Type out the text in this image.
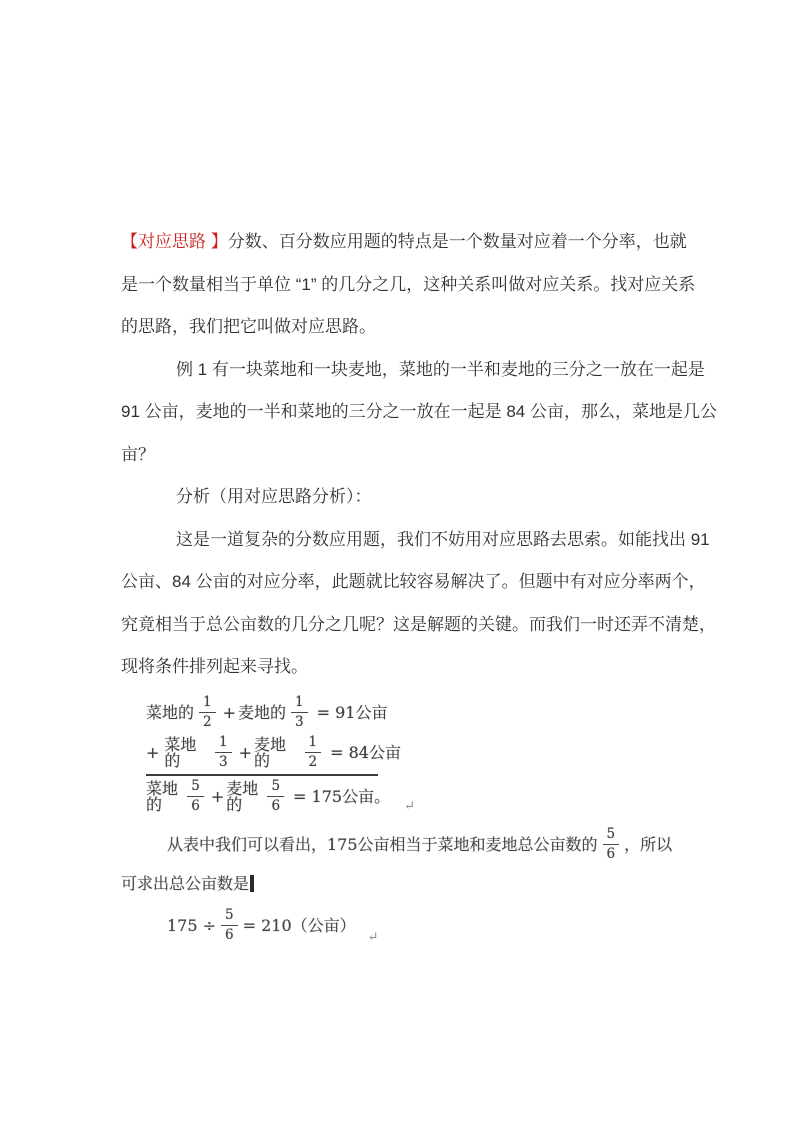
【对应思路 】分数、百分数应用题的特点是一个数量对应着一个分率，也就

是一个数量相当于单位 “1” 的几分之几，这种关系叫做对应关系。找对应关系

的思路，我们把它叫做对应思路。

例 1 有一块菜地和一块麦地，菜地的一半和麦地的三分之一放在一起是

91 公亩，麦地的一半和菜地的三分之一放在一起是 84 公亩，那么，菜地是几公

亩？

分析（用对应思路分析）：

这是一道复杂的分数应用题，我们不妨用对应思路去思索。如能找出 91

公亩、84 公亩的对应分率，此题就比较容易解决了。但题中有对应分率两个，

究竟相当于总公亩数的几分之几呢？这是解题的关键。而我们一时还弄不清楚，

现将条件排列起来寻找。

菜地的 $\frac{1}{2}$ + 麦地的 $\frac{1}{3} = 91$公亩
+ 菜地的	$\frac{1}{3}$ + 麦地的	$\frac{1}{2} = 84$公亩
菜地的	$\frac{5}{6}$ + 麦地的	$\frac{5}{6} = 175$公亩。
↵
从表中我们可以看出，175公亩相当于菜地和麦地总公亩数的 $\frac{5}{6}$ ，所以
可求出总公亩数是
$175 \div \frac{5}{6} = 210$（公亩）
↵
